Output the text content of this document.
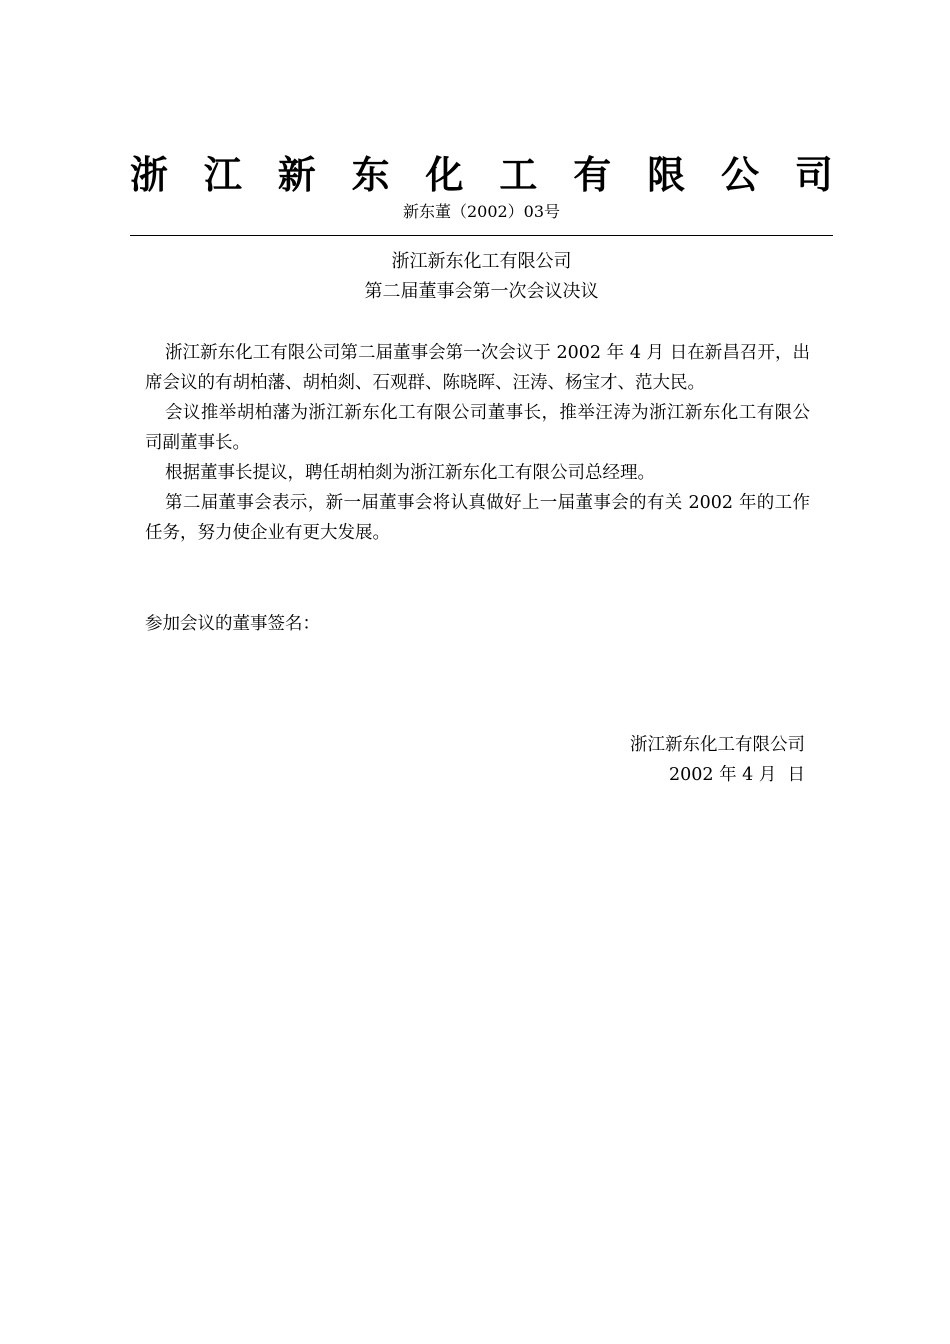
浙 江 新 东 化 工 有 限 公 司
新东董（2002）03号
浙江新东化工有限公司
第二届董事会第一次会议决议

浙江新东化工有限公司第二届董事会第一次会议于 2002 年 4 月 日在新昌召开，出席会议的有胡柏藩、胡柏剡、石观群、陈晓晖、汪涛、杨宝才、范大民。

会议推举胡柏藩为浙江新东化工有限公司董事长，推举汪涛为浙江新东化工有限公司副董事长。

根据董事长提议，聘任胡柏剡为浙江新东化工有限公司总经理。

第二届董事会表示，新一届董事会将认真做好上一届董事会的有关 2002 年的工作任务，努力使企业有更大发展。

参加会议的董事签名：
浙江新东化工有限公司
2002 年 4 月  日
